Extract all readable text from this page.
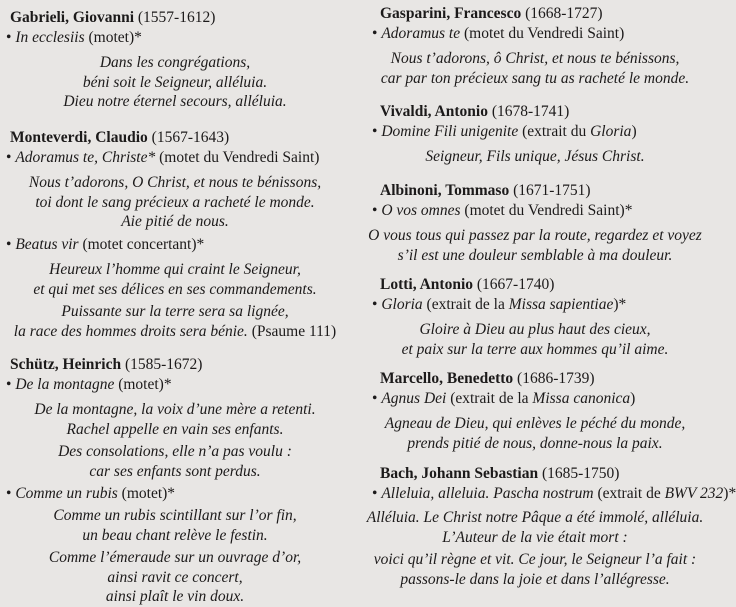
Gabrieli, Giovanni (1557-1612)
• In ecclesiis (motet)*
Dans les congrégations,
béni soit le Seigneur, alléluia.
Dieu notre éternel secours, alléluia.
Monteverdi, Claudio (1567-1643)
• Adoramus te, Christe* (motet du Vendredi Saint)
Nous t’adorons, O Christ, et nous te bénissons,
toi dont le sang précieux a racheté le monde.
Aie pitié de nous.
• Beatus vir (motet concertant)*
Heureux l’homme qui craint le Seigneur,
et qui met ses délices en ses commandements.
Puissante sur la terre sera sa lignée,
la race des hommes droits sera bénie. (Psaume 111)
Schütz, Heinrich (1585-1672)
• De la montagne (motet)*
De la montagne, la voix d’une mère a retenti.
Rachel appelle en vain ses enfants.
Des consolations, elle n’a pas voulu :
car ses enfants sont perdus.
• Comme un rubis (motet)*
Comme un rubis scintillant sur l’or fin,
un beau chant relève le festin.
Comme l’émeraude sur un ouvrage d’or,
ainsi ravit ce concert,
ainsi plaît le vin doux.
Gasparini, Francesco (1668-1727)
• Adoramus te (motet du Vendredi Saint)
Nous t’adorons, ô Christ, et nous te bénissons,
car par ton précieux sang tu as racheté le monde.
Vivaldi, Antonio (1678-1741)
• Domine Fili unigenite (extrait du Gloria)
Seigneur, Fils unique, Jésus Christ.
Albinoni, Tommaso (1671-1751)
• O vos omnes (motet du Vendredi Saint)*
O vous tous qui passez par la route, regardez et voyez
s’il est une douleur semblable à ma douleur.
Lotti, Antonio (1667-1740)
• Gloria (extrait de la Missa sapientiae)*
Gloire à Dieu au plus haut des cieux,
et paix sur la terre aux hommes qu’il aime.
Marcello, Benedetto (1686-1739)
• Agnus Dei (extrait de la Missa canonica)
Agneau de Dieu, qui enlèves le péché du monde,
prends pitié de nous, donne-nous la paix.
Bach, Johann Sebastian (1685-1750)
• Alleluia, alleluia. Pascha nostrum (extrait de BWV 232)*
Alléluia. Le Christ notre Pâque a été immolé, alléluia.
L’Auteur de la vie était mort :
voici qu’il règne et vit. Ce jour, le Seigneur l’a fait :
passons-le dans la joie et dans l’allégresse.
